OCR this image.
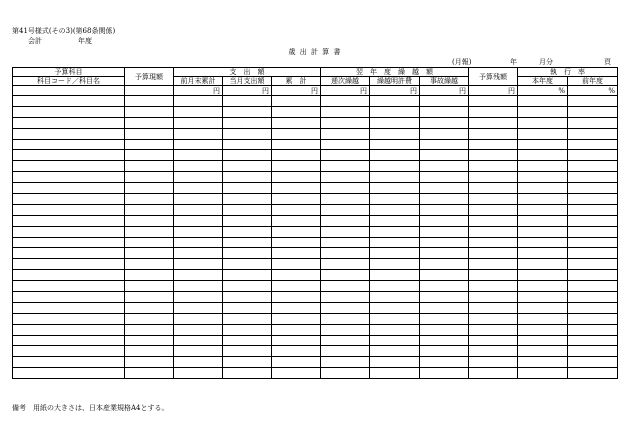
第41号様式(その3)(第68条関係)
会計	年度
歳 出 計 算 書
(月報)	年	月分	頁
予算科目	予算現額	支　出　額			翌　年　度　繰　越　額			予算残額	執　行　率	
科目コード／科目名		前月末累計	当月支出額	累　計	逓次繰越	繰越明許費	事故繰越		本年度	前年度
		円	円	円	円	円	円	円	%	%

備考　用紙の大きさは、日本産業規格A4とする。
